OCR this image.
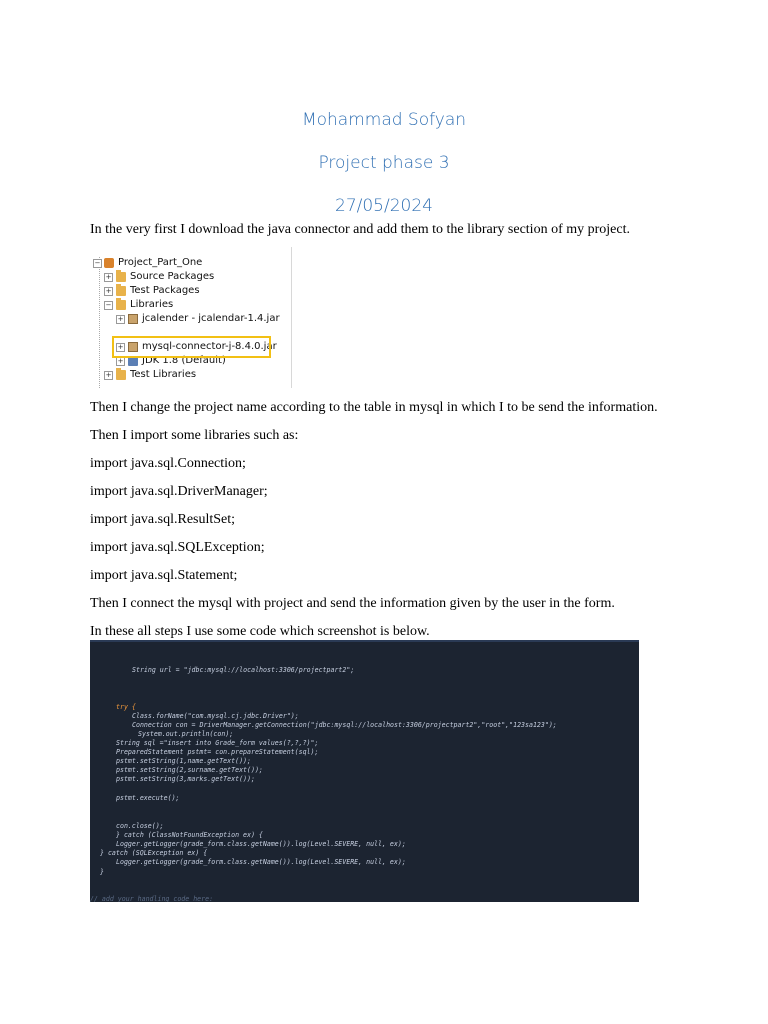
Mohammad Sofyan
Project phase 3
27/05/2024

In the very first I download the java connector and add them to the library section of my project.

− Project_Part_One
+ Source Packages
+ Test Packages
− Libraries
+ jcalender - jcalendar-1.4.jar
+ mysql-connector-j-8.4.0.jar
+ JDK 1.8 (Default)
+ Test Libraries

Then I change the project name according to the table in mysql in which I to be send the information.

Then I import some libraries such as:

import java.sql.Connection;

import java.sql.DriverManager;

import java.sql.ResultSet;

import java.sql.SQLException;

import java.sql.Statement;

Then I connect the mysql with project and send the information given by the user in the form.

In these all steps I use some code which screenshot is below.

String url = "jdbc:mysql://localhost:3306/projectpart2";
try {
Class.forName("com.mysql.cj.jdbc.Driver");
Connection con = DriverManager.getConnection("jdbc:mysql://localhost:3306/projectpart2","root","123sa123");
System.out.println(con);
String sql ="insert into Grade_form values(?,?,?)";
PreparedStatement pstmt= con.prepareStatement(sql);
pstmt.setString(1,name.getText());
pstmt.setString(2,surname.getText());
pstmt.setString(3,marks.getText());
pstmt.execute();
con.close();
} catch (ClassNotFoundException ex) {
Logger.getLogger(grade_form.class.getName()).log(Level.SEVERE, null, ex);
} catch (SQLException ex) {
Logger.getLogger(grade_form.class.getName()).log(Level.SEVERE, null, ex);
}
// add your handling code here:
